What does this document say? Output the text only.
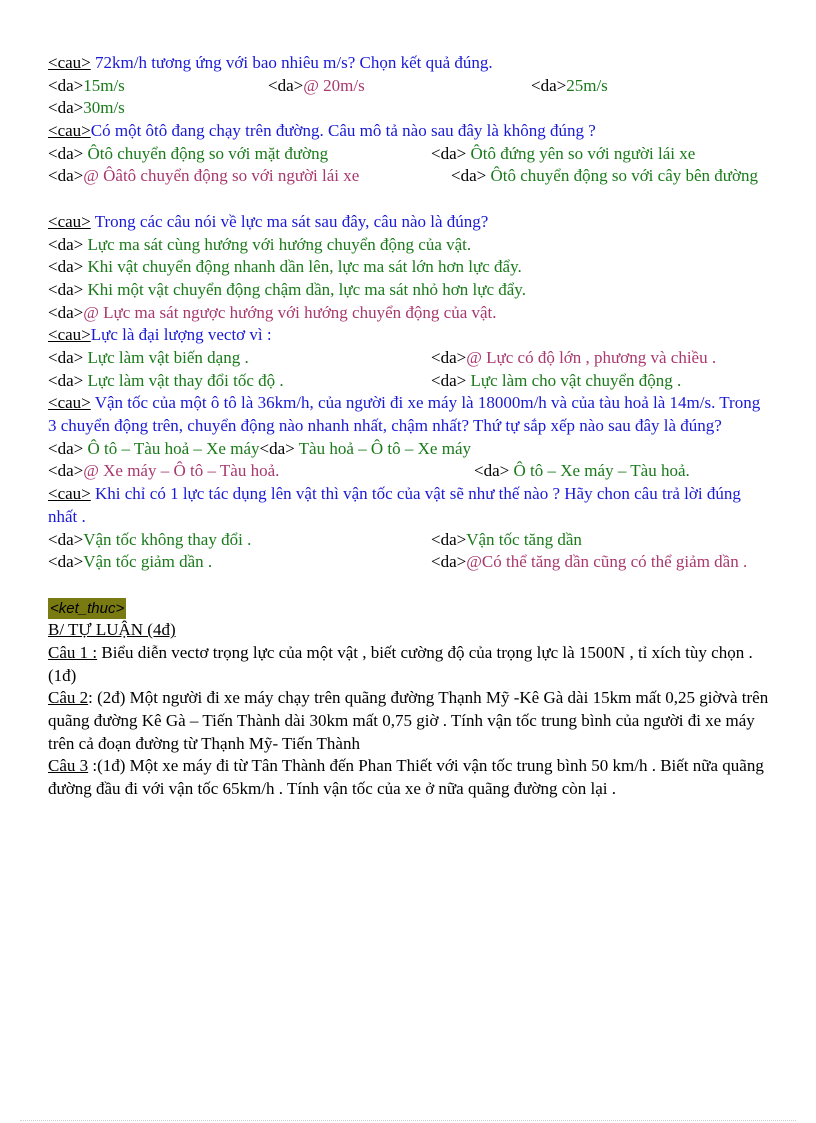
<cau> 72km/h tương ứng với bao nhiêu m/s? Chọn kết quả đúng.
<da>15m/s	<da>@ 20m/s	<da>25m/s
<da>30m/s
<cau>Có một ôtô đang chạy trên đường. Câu mô tả nào sau đây là không đúng ?
<da> Ôtô chuyển động so với mặt đường	<da> Ôtô đứng yên so với người lái xe
<da>@ Ôâtô chuyển động so với người lái xe	<da> Ôtô chuyển động so với cây bên đường
<cau> Trong các câu nói về lực ma sát sau đây, câu nào là đúng?
<da> Lực ma sát cùng hướng với hướng chuyển động của vật.
<da> Khi vật chuyển động nhanh dần lên, lực ma sát lớn hơn lực đẩy.
<da> Khi một vật chuyển động chậm dần, lực ma sát nhỏ hơn lực đẩy.
<da>@ Lực ma sát ngược hướng với hướng chuyển động của vật.
<cau>Lực là đại lượng vectơ vì :
<da> Lực làm vật biến dạng .	<da>@ Lực có độ lớn , phương và chiều .
<da> Lực làm vật thay đổi tốc độ .	<da> Lực làm cho vật chuyển động .
<cau> Vận tốc của một ô tô là 36km/h, của người đi xe máy là 18000m/h và của tàu hoả là 14m/s. Trong 3 chuyển động trên, chuyển động nào nhanh nhất, chậm nhất? Thứ tự sắp xếp nào sau đây là đúng?
<da> Ô tô – Tàu hoả – Xe máy<da> Tàu hoả – Ô tô – Xe máy
<da>@ Xe máy – Ô tô – Tàu hoả.	<da> Ô tô – Xe máy – Tàu hoả.
<cau> Khi chỉ có 1 lực tác dụng lên vật thì vận tốc của vật sẽ như thế nào ? Hãy chon câu trả lời đúng nhất .
<da>Vận tốc không thay đổi .	<da>Vận tốc tăng dần
<da>Vận tốc giảm dần .	<da>@Có thể tăng dần cũng có thể giảm dần .
<ket_thuc>
B/ TỰ LUẬN (4đ)
Câu 1 : Biểu diễn vectơ trọng lực của một vật , biết cường độ của trọng lực là 1500N , tỉ xích tùy chọn .(1đ)
Câu 2: (2đ) Một người đi xe máy chạy trên quãng đường Thạnh Mỹ -Kê Gà dài 15km mất 0,25 giờvà trên quãng đường Kê Gà – Tiến Thành dài 30km mất 0,75 giờ . Tính vận tốc trung bình của người đi xe máy trên cả đoạn đường từ Thạnh Mỹ- Tiến Thành
Câu 3 :(1đ) Một xe máy đi từ Tân Thành đến Phan Thiết với vận tốc trung bình 50 km/h . Biết nữa quãng đường đầu đi với vận tốc 65km/h . Tính vận tốc của xe ở nữa quãng đường còn lại .
